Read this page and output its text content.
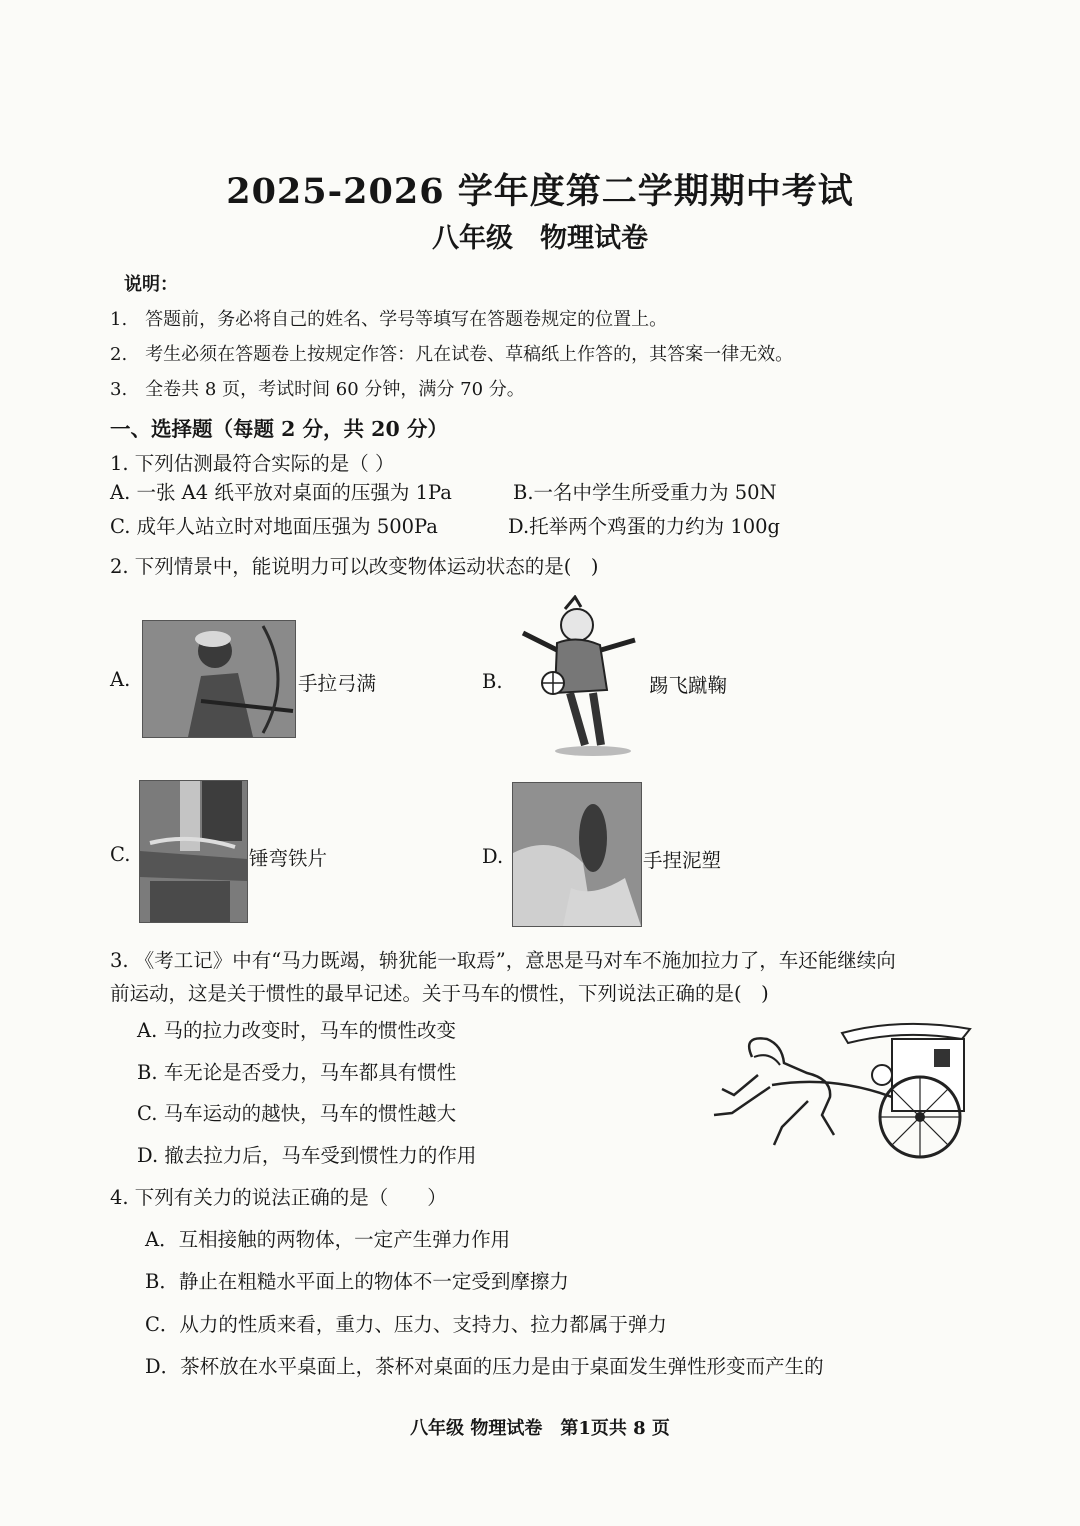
2025-2026 学年度第二学期期中考试
八年级　物理试卷
说明：
1.　答题前，务必将自己的姓名、学号等填写在答题卷规定的位置上。
2.　考生必须在答题卷上按规定作答：凡在试卷、草稿纸上作答的，其答案一律无效。
3.　全卷共 8 页，考试时间 60 分钟，满分 70 分。
一、选择题（每题 2 分，共 20 分）
1. 下列估测最符合实际的是（ ）
A. 一张 A4 纸平放对桌面的压强为 1Pa	B.一名中学生所受重力为 50N
C. 成年人站立时对地面压强为 500Pa	D.托举两个鸡蛋的力约为 100g
2. 下列情景中，能说明力可以改变物体运动状态的是(　)
A.	手拉弓满	B.	踢飞蹴鞠
C.	锤弯铁片	D.	手捏泥塑
3. 《考工记》中有“马力既竭，辀犹能一取焉”，意思是马对车不施加拉力了，车还能继续向
前运动，这是关于惯性的最早记述。关于马车的惯性，下列说法正确的是(　)
A. 马的拉力改变时，马车的惯性改变
B. 车无论是否受力，马车都具有惯性
C. 马车运动的越快，马车的惯性越大
D. 撤去拉力后，马车受到惯性力的作用
4. 下列有关力的说法正确的是（　　）
A．互相接触的两物体，一定产生弹力作用
B．静止在粗糙水平面上的物体不一定受到摩擦力
C．从力的性质来看，重力、压力、支持力、拉力都属于弹力
D．茶杯放在水平桌面上，茶杯对桌面的压力是由于桌面发生弹性形变而产生的
八年级 物理试卷　第1页共 8 页
